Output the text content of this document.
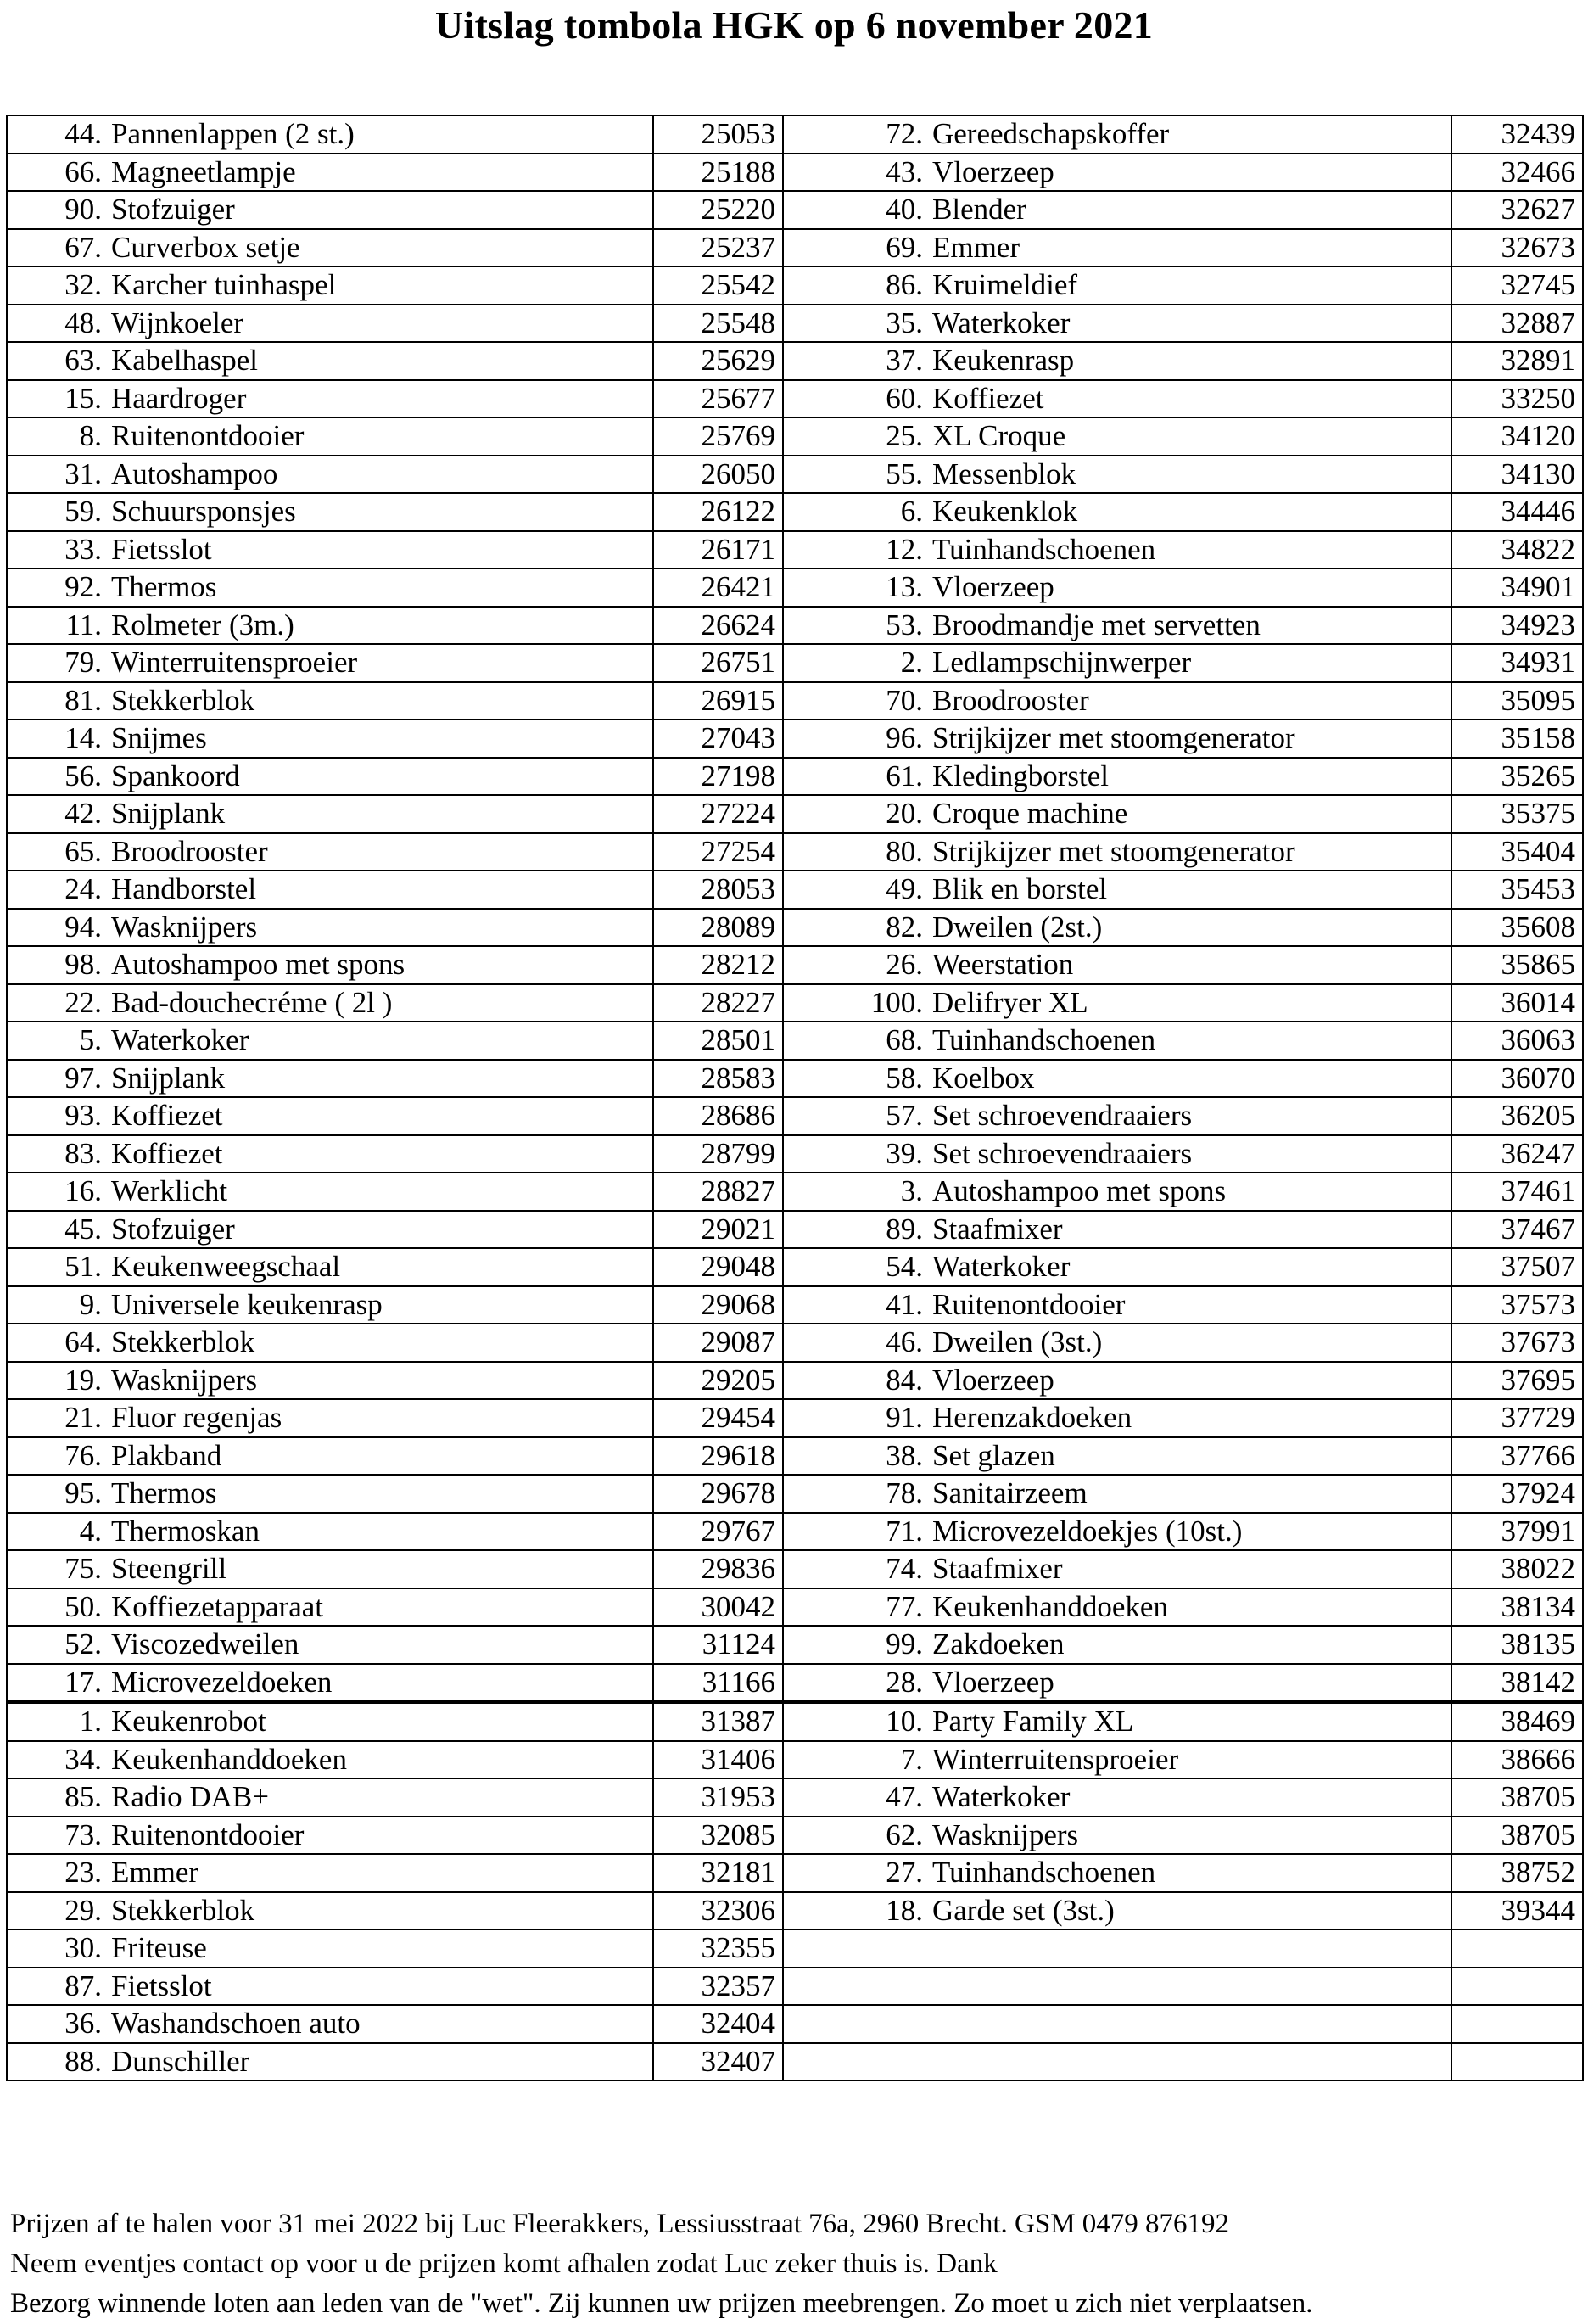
Uitslag tombola HGK op 6 november 2021
44.	Pannenlappen (2 st.)	25053	72.	Gereedschapskoffer	32439
66.	Magneetlampje	25188	43.	Vloerzeep	32466
90.	Stofzuiger	25220	40.	Blender	32627
67.	Curverbox setje	25237	69.	Emmer	32673
32.	Karcher tuinhaspel	25542	86.	Kruimeldief	32745
48.	Wijnkoeler	25548	35.	Waterkoker	32887
63.	Kabelhaspel	25629	37.	Keukenrasp	32891
15.	Haardroger	25677	60.	Koffiezet	33250
8.	Ruitenontdooier	25769	25.	XL Croque	34120
31.	Autoshampoo	26050	55.	Messenblok	34130
59.	Schuursponsjes	26122	6.	Keukenklok	34446
33.	Fietsslot	26171	12.	Tuinhandschoenen	34822
92.	Thermos	26421	13.	Vloerzeep	34901
11.	Rolmeter (3m.)	26624	53.	Broodmandje met servetten	34923
79.	Winterruitensproeier	26751	2.	Ledlampschijnwerper	34931
81.	Stekkerblok	26915	70.	Broodrooster	35095
14.	Snijmes	27043	96.	Strijkijzer met stoomgenerator	35158
56.	Spankoord	27198	61.	Kledingborstel	35265
42.	Snijplank	27224	20.	Croque machine	35375
65.	Broodrooster	27254	80.	Strijkijzer met stoomgenerator	35404
24.	Handborstel	28053	49.	Blik en borstel	35453
94.	Wasknijpers	28089	82.	Dweilen (2st.)	35608
98.	Autoshampoo met spons	28212	26.	Weerstation	35865
22.	Bad-douchecréme ( 2l )	28227	100.	Delifryer XL	36014
5.	Waterkoker	28501	68.	Tuinhandschoenen	36063
97.	Snijplank	28583	58.	Koelbox	36070
93.	Koffiezet	28686	57.	Set schroevendraaiers	36205
83.	Koffiezet	28799	39.	Set schroevendraaiers	36247
16.	Werklicht	28827	3.	Autoshampoo met spons	37461
45.	Stofzuiger	29021	89.	Staafmixer	37467
51.	Keukenweegschaal	29048	54.	Waterkoker	37507
9.	Universele keukenrasp	29068	41.	Ruitenontdooier	37573
64.	Stekkerblok	29087	46.	Dweilen (3st.)	37673
19.	Wasknijpers	29205	84.	Vloerzeep	37695
21.	Fluor regenjas	29454	91.	Herenzakdoeken	37729
76.	Plakband	29618	38.	Set glazen	37766
95.	Thermos	29678	78.	Sanitairzeem	37924
4.	Thermoskan	29767	71.	Microvezeldoekjes (10st.)	37991
75.	Steengrill	29836	74.	Staafmixer	38022
50.	Koffiezetapparaat	30042	77.	Keukenhanddoeken	38134
52.	Viscozedweilen	31124	99.	Zakdoeken	38135
17.	Microvezeldoeken	31166	28.	Vloerzeep	38142
1.	Keukenrobot	31387	10.	Party Family XL	38469
34.	Keukenhanddoeken	31406	7.	Winterruitensproeier	38666
85.	Radio DAB+	31953	47.	Waterkoker	38705
73.	Ruitenontdooier	32085	62.	Wasknijpers	38705
23.	Emmer	32181	27.	Tuinhandschoenen	38752
29.	Stekkerblok	32306	18.	Garde set (3st.)	39344
30.	Friteuse	32355			
87.	Fietsslot	32357			
36.	Washandschoen auto	32404			
88.	Dunschiller	32407			
Prijzen af te halen voor 31 mei 2022 bij Luc Fleerakkers, Lessiusstraat 76a, 2960 Brecht. GSM 0479 876192
Neem eventjes contact op voor u de prijzen komt afhalen zodat Luc zeker thuis is. Dank
Bezorg winnende loten aan leden van de "wet". Zij kunnen uw prijzen meebrengen. Zo moet u zich niet verplaatsen.
